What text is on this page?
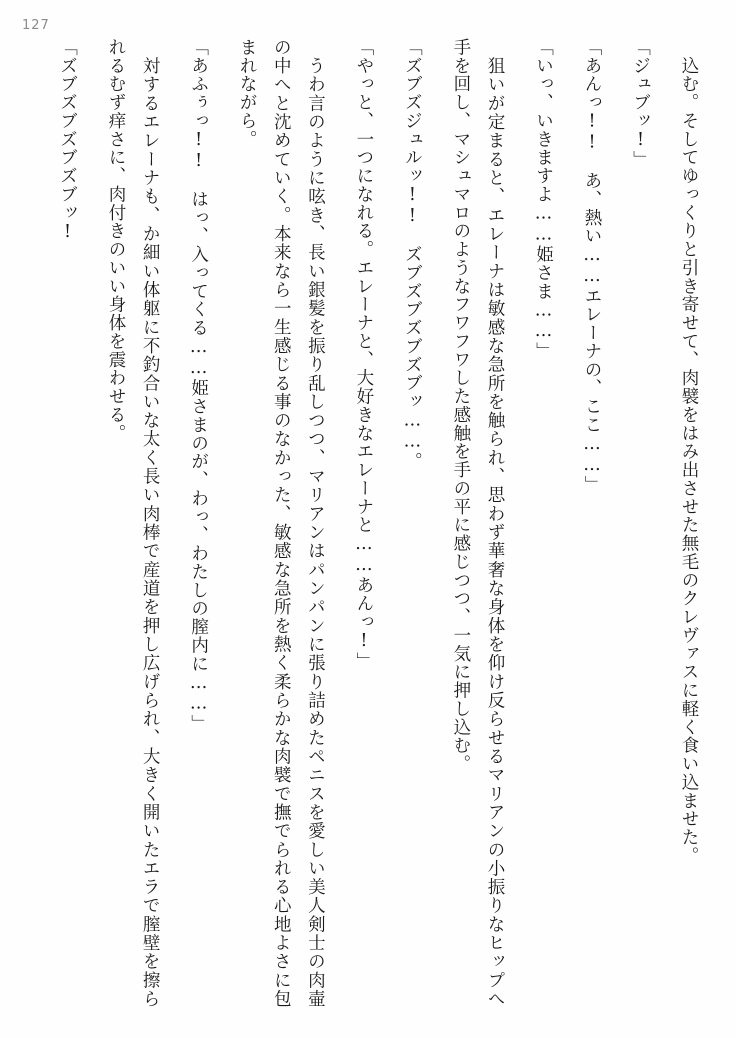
127

　込む。そしてゆっくりと引き寄せて、肉襞をはみ出させた無毛のクレヴァスに軽く食い込ませた。

「ジュブッ!」

「あんっ!!　あ、熱い……エレーナの、ここ……」

「いっ、いきますよ……姫さま……」

　狙いが定まると、エレーナは敏感な急所を触られ、思わず華奢な身体を仰け反らせるマリアンの小振りなヒップへ手を回し、マシュマロのようなフワフワした感触を手の平に感じつつ、一気に押し込む。

「ズブズジュルッ!!　ズブズブズブズブッ……。

「やっと、一つになれる。エレーナと、大好きなエレーナと……あんっ!」

　うわ言のように呟き、長い銀髪を振り乱しつつ、マリアンはパンパンに張り詰めたペニスを愛しい美人剣士の肉壷の中へと沈めていく。本来なら一生感じる事のなかった、敏感な急所を熱く柔らかな肉襞で撫でられる心地よさに包まれながら。

「あふぅっ!!　はっ、入ってくる……姫さまのが、わっ、わたしの膣内に……」

　対するエレーナも、か細い体躯に不釣合いな太く長い肉棒で産道を押し広げられ、大きく開いたエラで膣壁を擦られるむず痒さに、肉付きのいい身体を震わせる。

「ズブズブズブズブッ!
